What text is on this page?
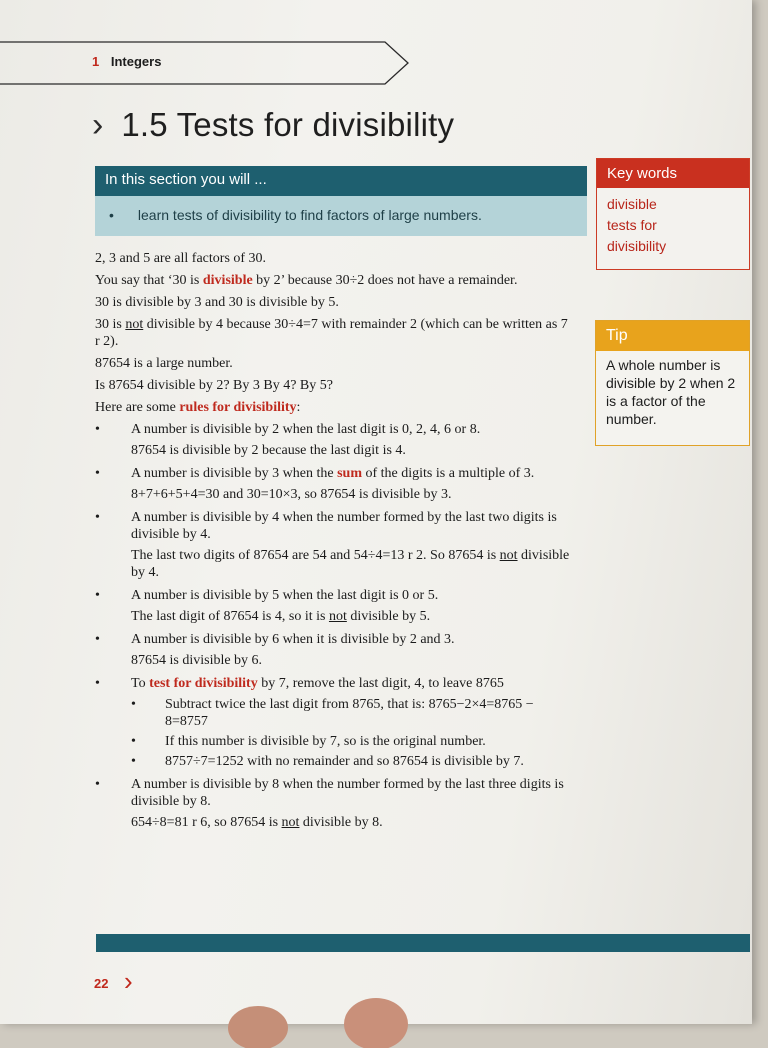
1 Integers
› 1.5 Tests for divisibility
In this section you will ...
• learn tests of divisibility to find factors of large numbers.
Key words
divisible
tests for divisibility
Tip
A whole number is divisible by 2 when 2 is a factor of the number.

2, 3 and 5 are all factors of 30.

You say that ‘30 is divisible by 2’ because 30÷2 does not have a remainder.

30 is divisible by 3 and 30 is divisible by 5.

30 is not divisible by 4 because 30÷4=7 with remainder 2 (which can be written as 7 r 2).

87654 is a large number.

Is 87654 divisible by 2? By 3 By 4? By 5?

Here are some rules for divisibility:

• A number is divisible by 2 when the last digit is 0, 2, 4, 6 or 8.

87654 is divisible by 2 because the last digit is 4.

• A number is divisible by 3 when the sum of the digits is a multiple of 3.

8+7+6+5+4=30 and 30=10×3, so 87654 is divisible by 3.

• A number is divisible by 4 when the number formed by the last two digits is divisible by 4.

The last two digits of 87654 are 54 and 54÷4=13 r 2. So 87654 is not divisible by 4.

• A number is divisible by 5 when the last digit is 0 or 5.

The last digit of 87654 is 4, so it is not divisible by 5.

• A number is divisible by 6 when it is divisible by 2 and 3.

87654 is divisible by 6.

• To test for divisibility by 7, remove the last digit, 4, to leave 8765
• Subtract twice the last digit from 8765, that is: 8765−2×4=8765 − 8=8757
• If this number is divisible by 7, so is the original number.
• 8757÷7=1252 with no remainder and so 87654 is divisible by 7.
• A number is divisible by 8 when the number formed by the last three digits is divisible by 8.

654÷8=81 r 6, so 87654 is not divisible by 8.

22 ›
